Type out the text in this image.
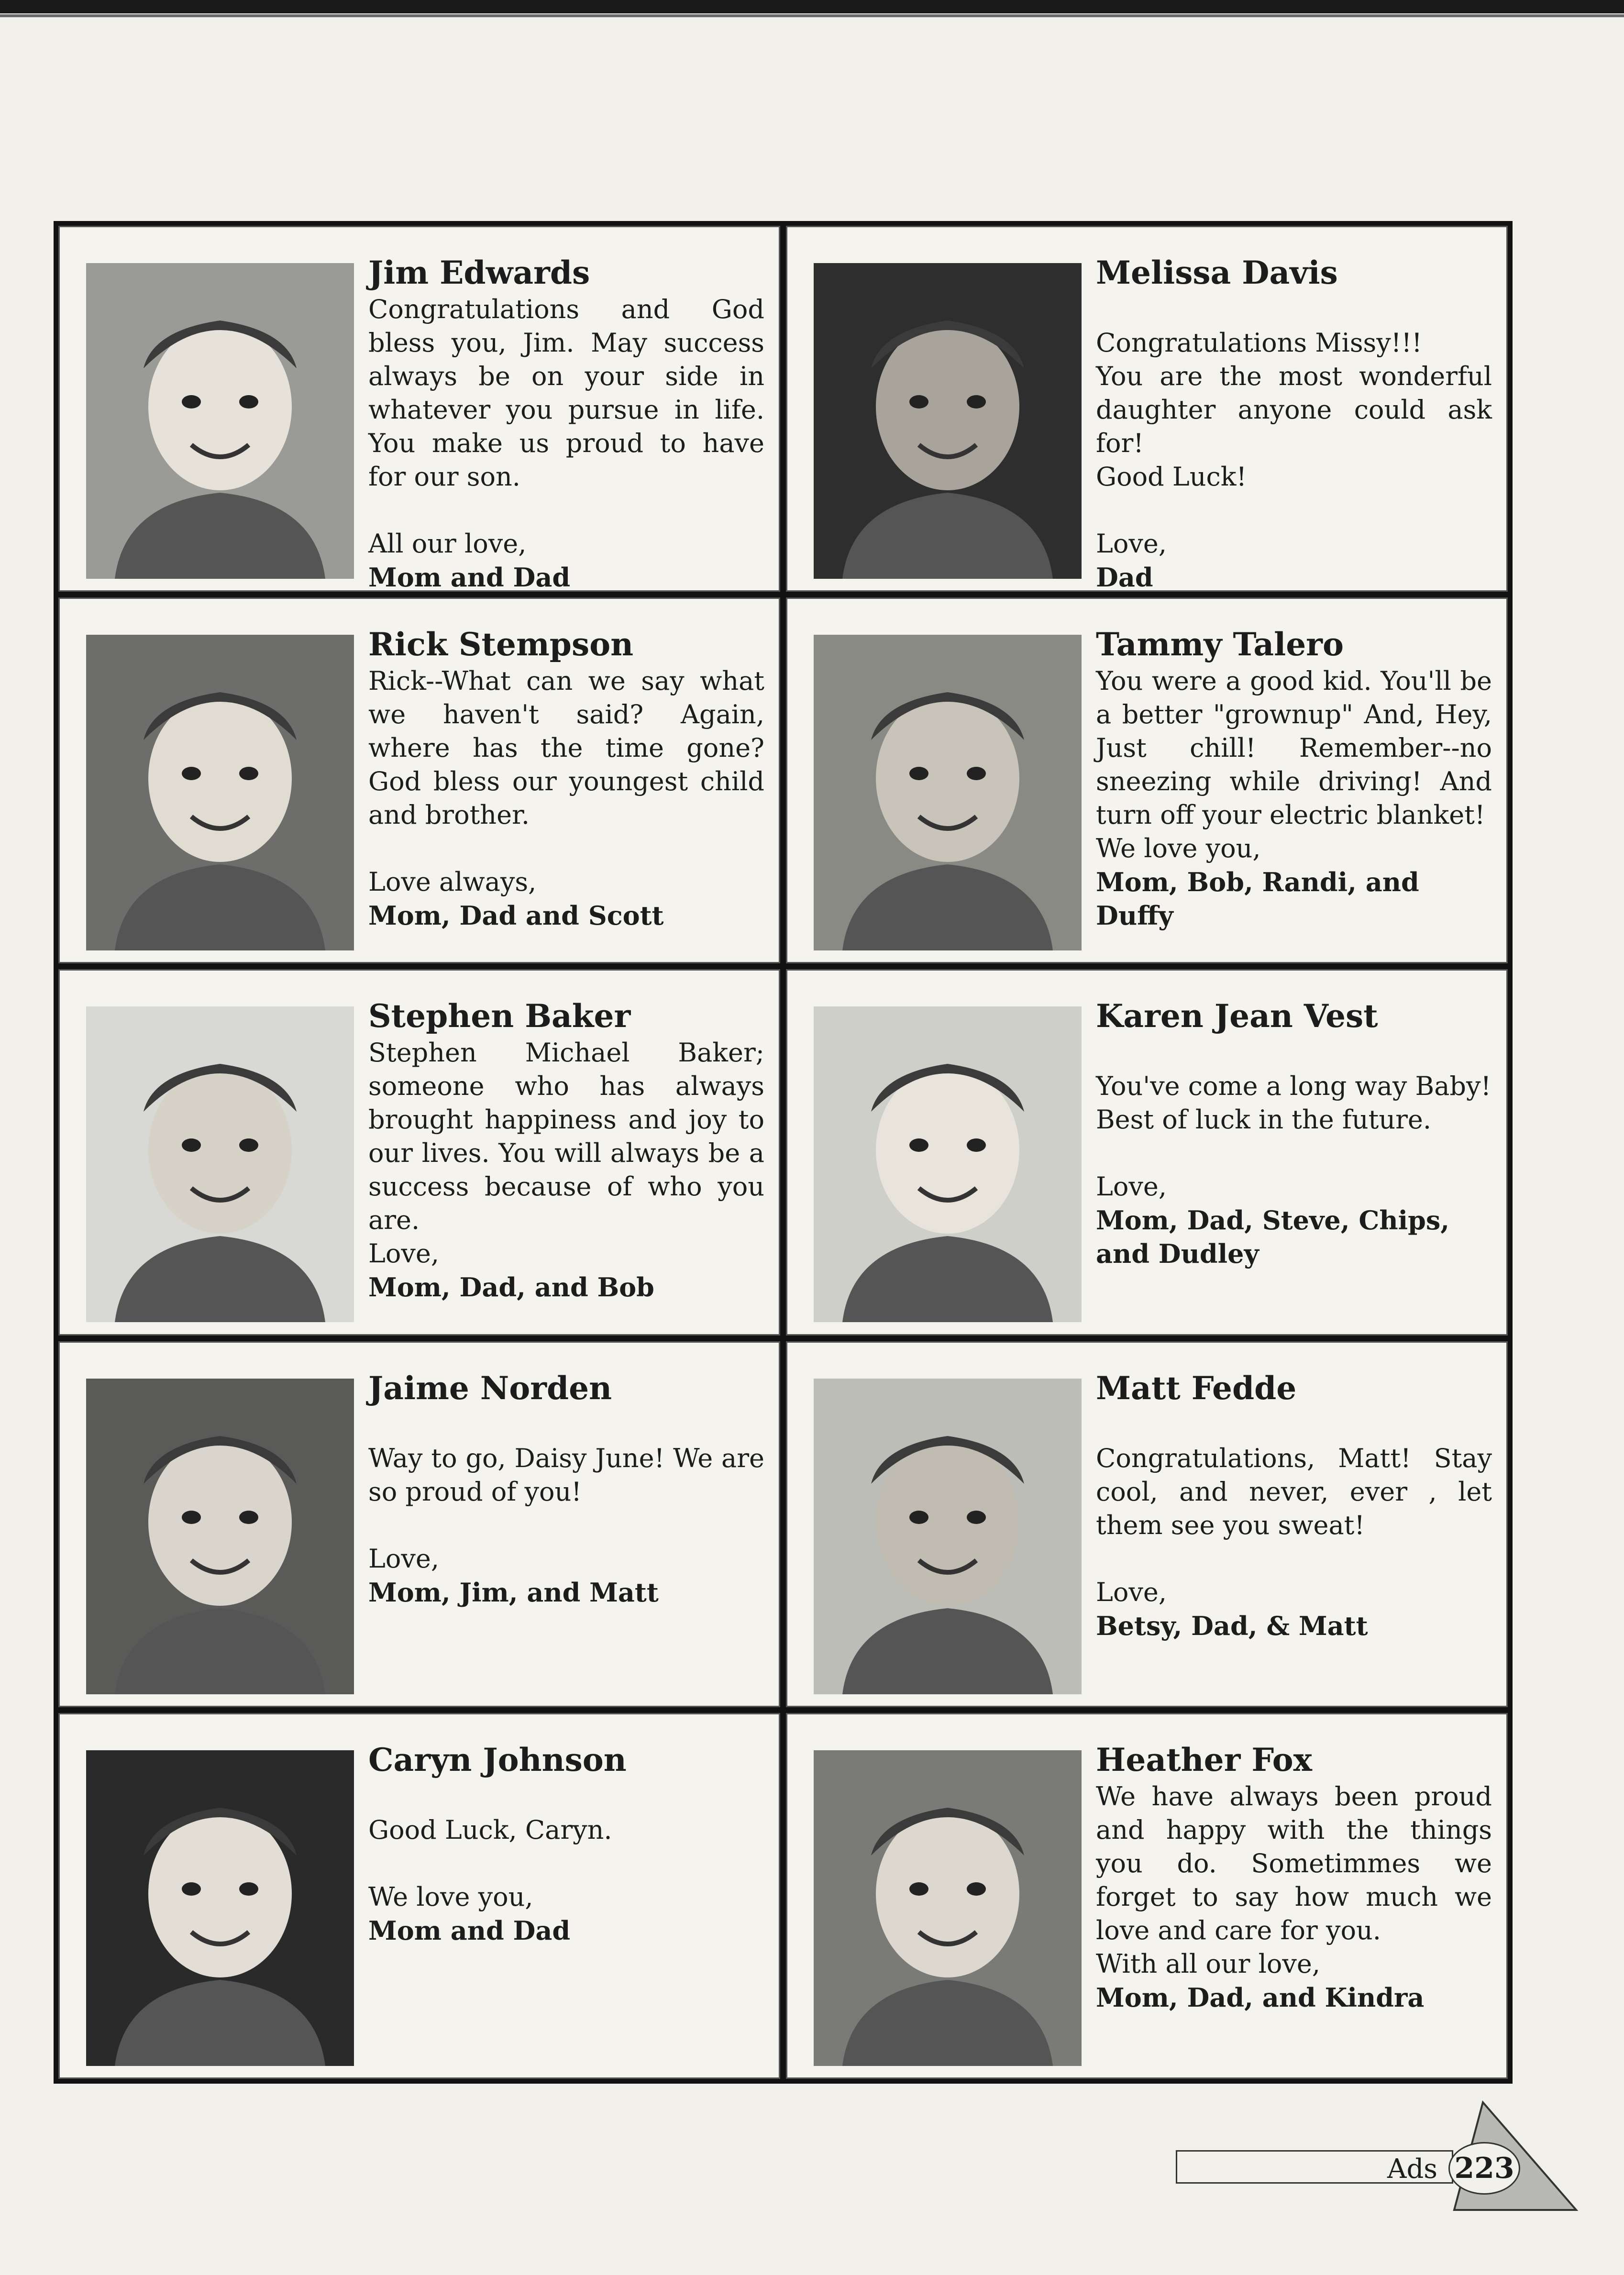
Jim Edwards
Congratulations and God bless you, Jim. May success always be on your side in whatever you pursue in life. You make us proud to have for our son.
All our love,
Mom and Dad
Melissa Davis
Congratulations Missy!!!
You are the most wonderful daughter anyone could ask for!
Good Luck!
Love,
Dad
Rick Stempson
Rick--What can we say what we haven't said? Again, where has the time gone? God bless our youngest child and brother.
Love always,
Mom, Dad and Scott
Tammy Talero
You were a good kid. You'll be a better "grownup" And, Hey, Just chill! Remember--no sneezing while driving! And turn off your electric blanket!
We love you,
Mom, Bob, Randi, and Duffy
Stephen Baker
Stephen Michael Baker; someone who has always brought happiness and joy to our lives. You will always be a success because of who you are.
Love,
Mom, Dad, and Bob
Karen Jean Vest
You've come a long way Baby!
Best of luck in the future.
Love,
Mom, Dad, Steve, Chips, and Dudley
Jaime Norden
Way to go, Daisy June! We are so proud of you!
Love,
Mom, Jim, and Matt
Matt Fedde
Congratulations, Matt! Stay cool, and never, ever , let them see you sweat!
Love,
Betsy, Dad, & Matt
Caryn Johnson
Good Luck, Caryn.
We love you,
Mom and Dad
Heather Fox
We have always been proud and happy with the things you do. Sometimmes we forget to say how much we love and care for you.
With all our love,
Mom, Dad, and Kindra
Ads 223
